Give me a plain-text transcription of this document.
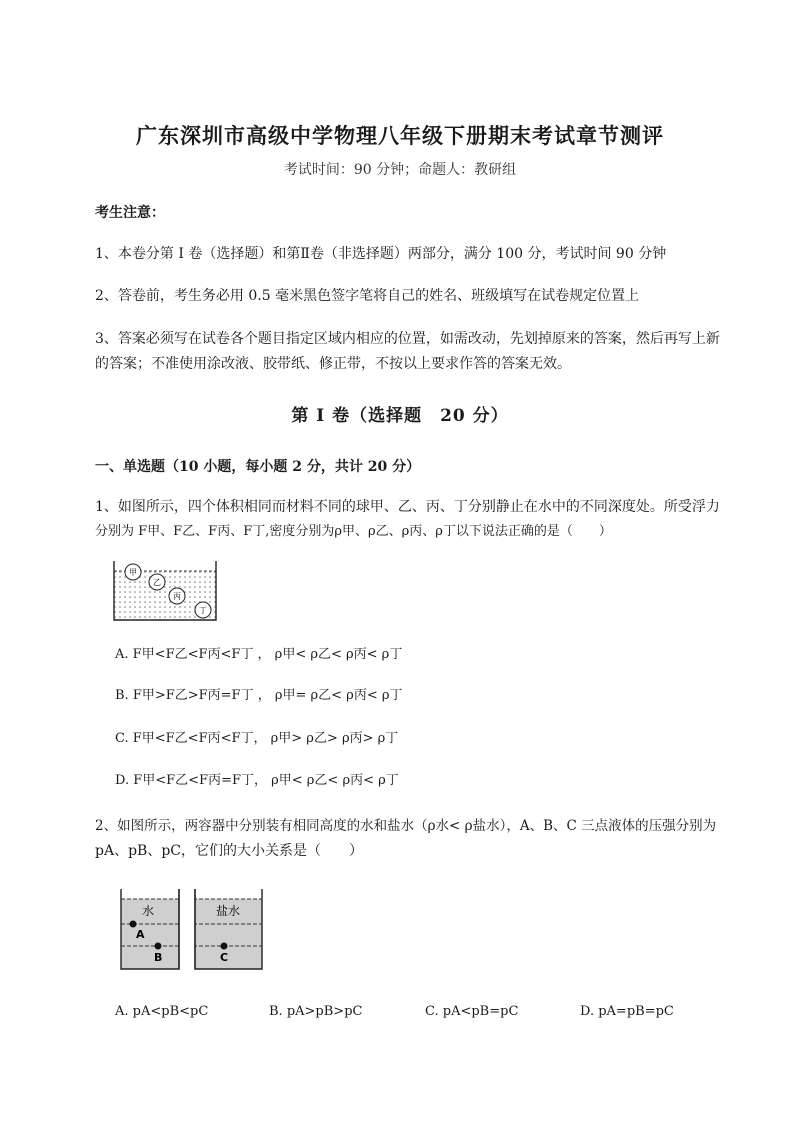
广东深圳市高级中学物理八年级下册期末考试章节测评
考试时间：90 分钟；命题人：教研组
考生注意：
1、本卷分第 I 卷（选择题）和第Ⅱ卷（非选择题）两部分，满分 100 分，考试时间 90 分钟
2、答卷前，考生务必用 0.5 毫米黑色签字笔将自己的姓名、班级填写在试卷规定位置上
3、答案必须写在试卷各个题目指定区域内相应的位置，如需改动，先划掉原来的答案，然后再写上新
的答案；不准使用涂改液、胶带纸、修正带，不按以上要求作答的答案无效。
第 I 卷（选择题　20 分）
一、单选题（10 小题，每小题 2 分，共计 20 分）
1、如图所示，四个体积相同而材料不同的球甲、乙、丙、丁分别静止在水中的不同深度处。所受浮力
分别为 F甲、F乙、F丙、F丁,密度分别为ρ甲、ρ乙、ρ丙、ρ丁以下说法正确的是（　　）
甲
乙
丙
丁
A. F甲<F乙<F丙<F丁 ， ρ甲< ρ乙< ρ丙< ρ丁
B. F甲>F乙>F丙=F丁 ， ρ甲= ρ乙< ρ丙< ρ丁
C. F甲<F乙<F丙<F丁， ρ甲> ρ乙> ρ丙> ρ丁
D. F甲<F乙<F丙=F丁， ρ甲< ρ乙< ρ丙< ρ丁
2、如图所示，两容器中分别装有相同高度的水和盐水（ρ水< ρ盐水），A、B、C 三点液体的压强分别为
pA、pB、pC，它们的大小关系是（　　）
水	盐水
A
B	C
A. pA<pB<pC	B. pA>pB>pC	C. pA<pB=pC	D. pA=pB=pC
